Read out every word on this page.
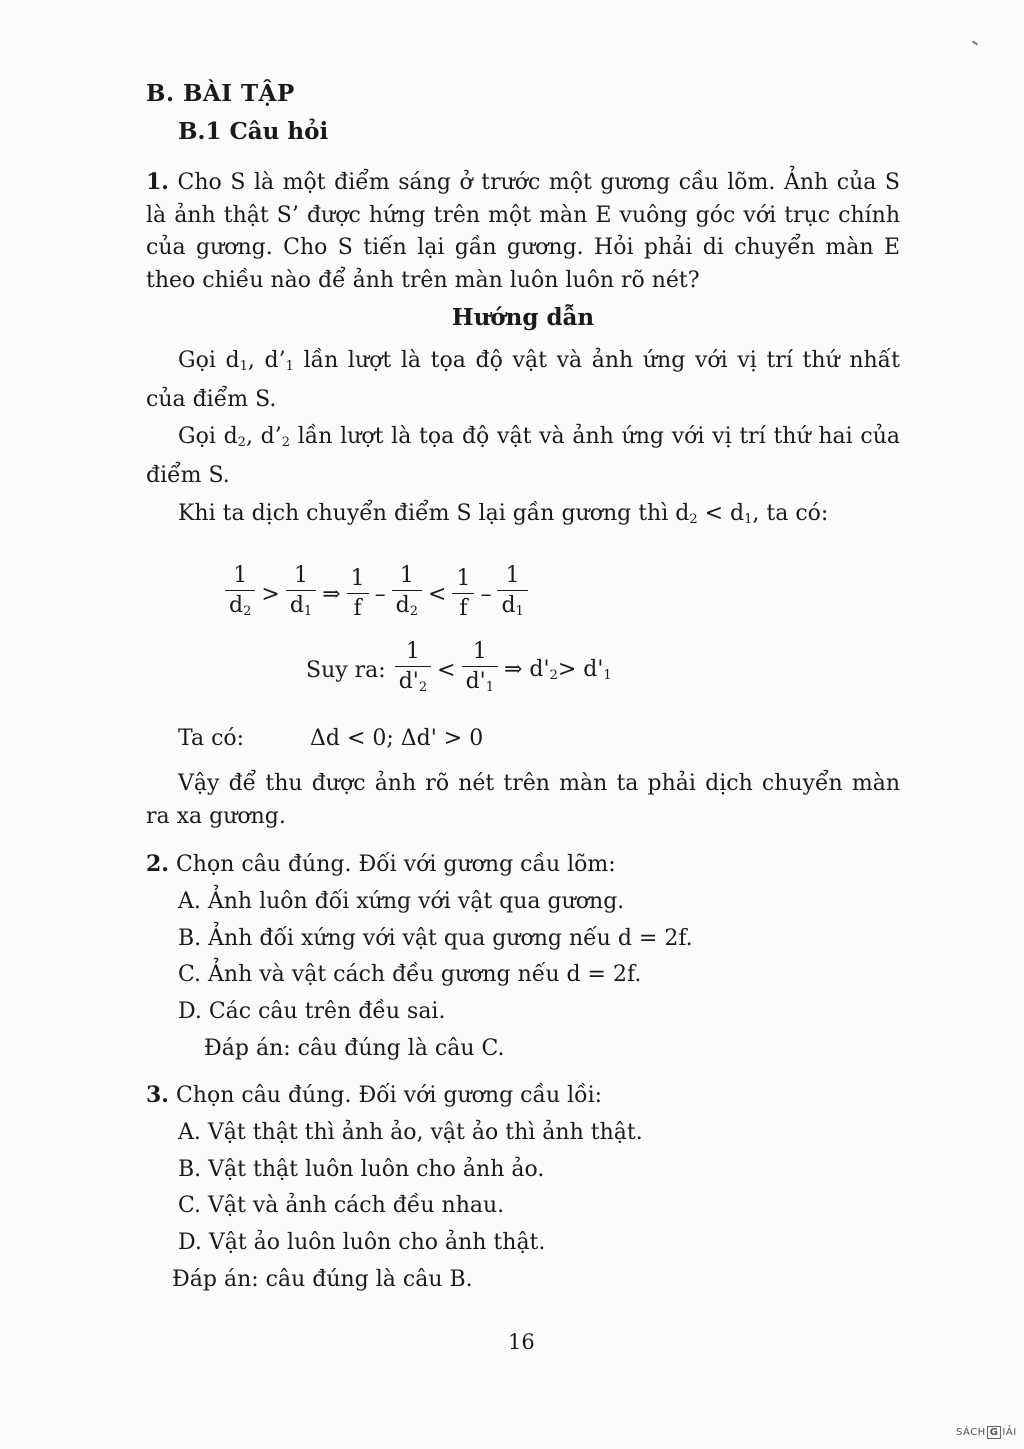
B. BÀI TẬP
B.1 Câu hỏi
1. Cho S là một điểm sáng ở trước một gương cầu lõm. Ảnh của S là ảnh thật S’ được hứng trên một màn E vuông góc với trục chính của gương. Cho S tiến lại gần gương. Hỏi phải di chuyển màn E theo chiều nào để ảnh trên màn luôn luôn rõ nét?
Hướng dẫn
Gọi $d_1$, $d’_1$ lần lượt là tọa độ vật và ảnh ứng với vị trí thứ nhất của điểm S.
Gọi $d_2$, $d’_2$ lần lượt là tọa độ vật và ảnh ứng với vị trí thứ hai của điểm S.
Khi ta dịch chuyển điểm S lại gần gương thì $d_2 < d_1$, ta có:
$\frac{1}{d_2} > \frac{1}{d_1}$ ⇒ $\frac{1}{f} - \frac{1}{d_2} < \frac{1}{f} - \frac{1}{d_1}$
Suy ra: $\frac{1}{d'_2} < \frac{1}{d'_1}$ ⇒ $d'_2> d'_1$
Ta có:	Δd < 0; Δd' > 0
Vậy để thu được ảnh rõ nét trên màn ta phải dịch chuyển màn ra xa gương.
2. Chọn câu đúng. Đối với gương cầu lõm:
A. Ảnh luôn đối xứng với vật qua gương.
B. Ảnh đối xứng với vật qua gương nếu d = 2f.
C. Ảnh và vật cách đều gương nếu d = 2f.
D. Các câu trên đều sai.
Đáp án: câu đúng là câu C.
3. Chọn câu đúng. Đối với gương cầu lồi:
A. Vật thật thì ảnh ảo, vật ảo thì ảnh thật.
B. Vật thật luôn luôn cho ảnh ảo.
C. Vật và ảnh cách đều nhau.
D. Vật ảo luôn luôn cho ảnh thật.
Đáp án: câu đúng là câu B.
16
SÁCH G IẢI
